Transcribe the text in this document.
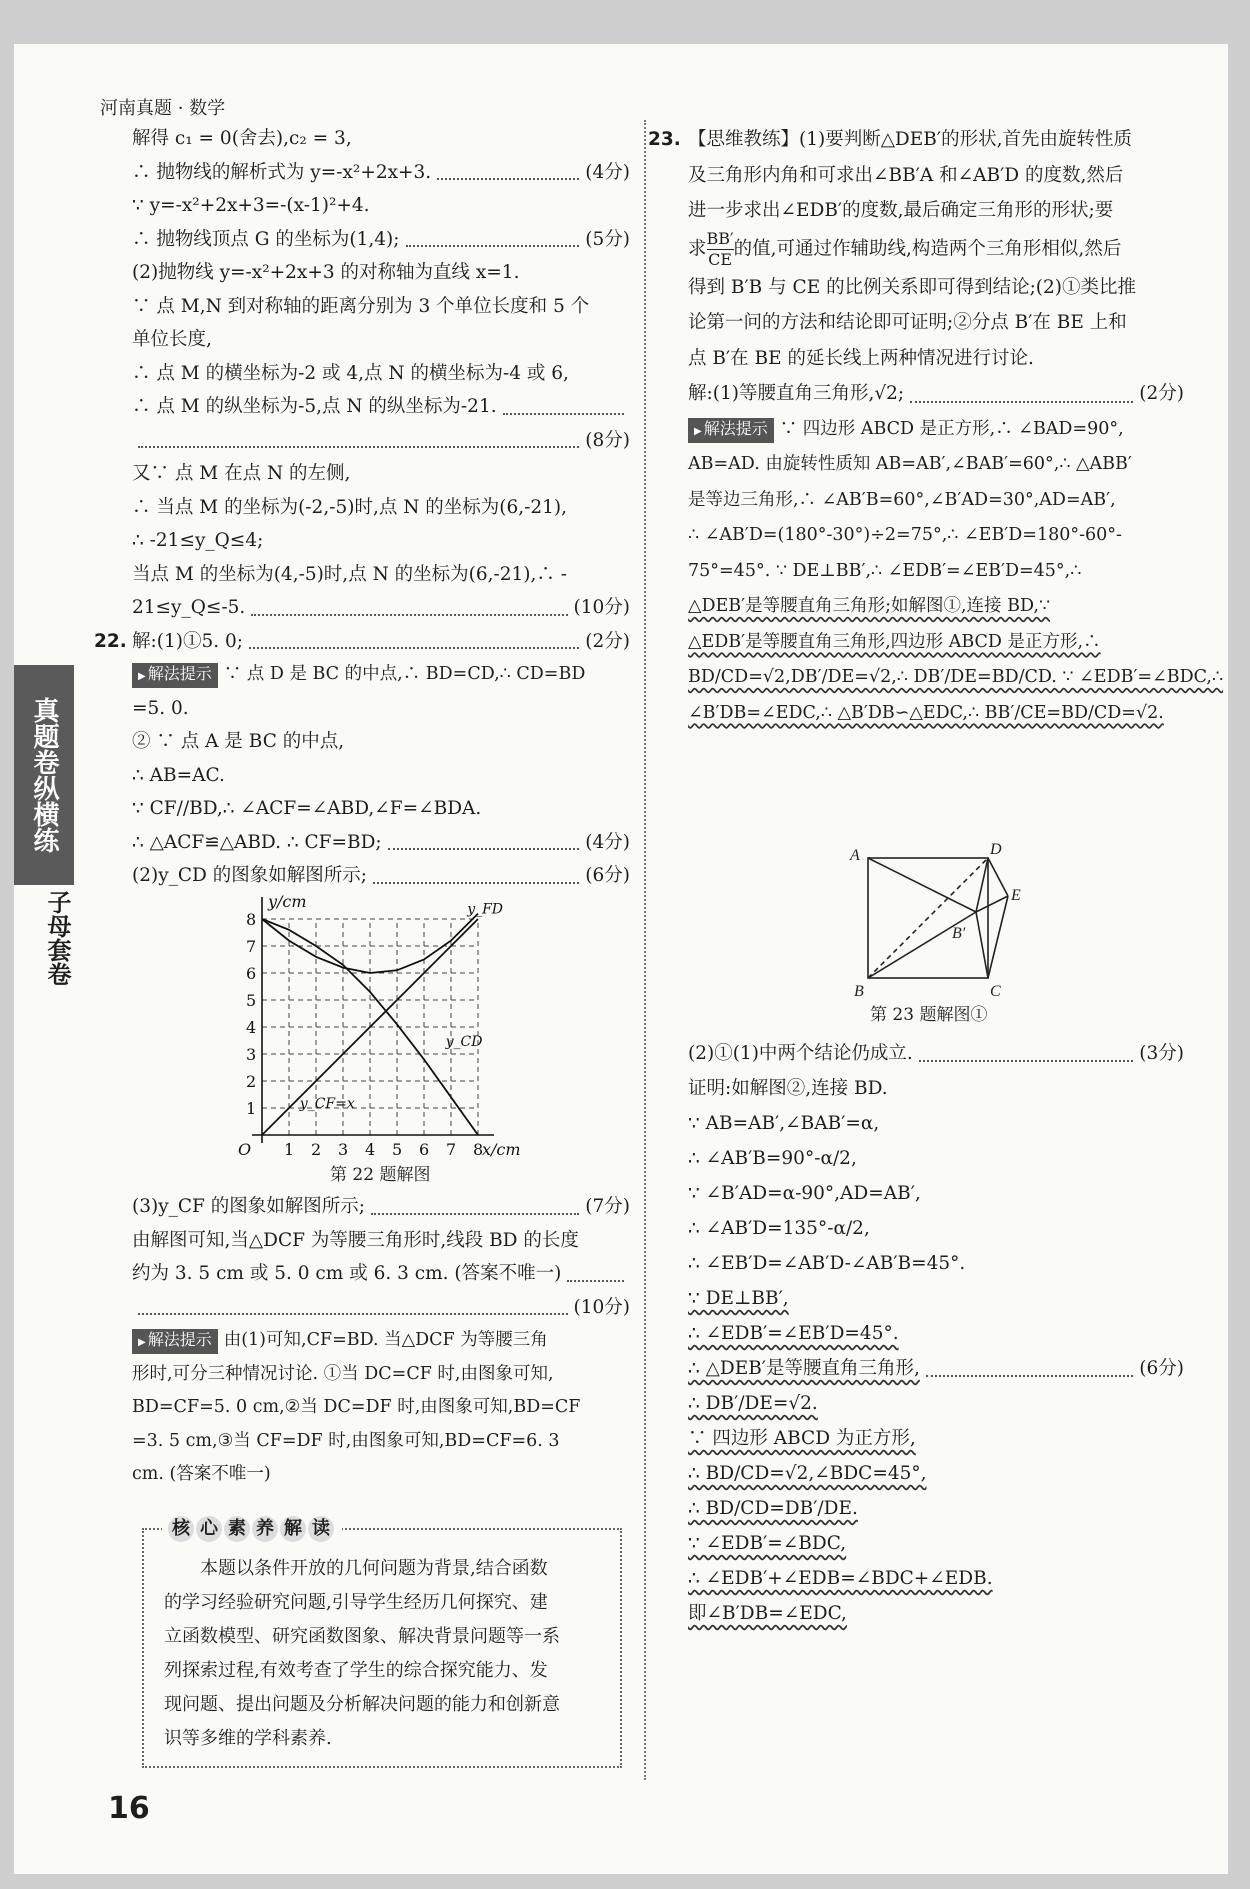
河南真题 · 数学
真题卷纵横练
子母套卷
解得 c₁ = 0(舍去),c₂ = 3,
∴ 抛物线的解析式为 y=-x²+2x+3.	(4分)
∵ y=-x²+2x+3=-(x-1)²+4.
∴ 抛物线顶点 G 的坐标为(1,4);	(5分)
(2)抛物线 y=-x²+2x+3 的对称轴为直线 x=1.
∵ 点 M,N 到对称轴的距离分别为 3 个单位长度和 5 个
单位长度,
∴ 点 M 的横坐标为-2 或 4,点 N 的横坐标为-4 或 6,
∴ 点 M 的纵坐标为-5,点 N 的纵坐标为-21.
(8分)
又∵ 点 M 在点 N 的左侧,
∴ 当点 M 的坐标为(-2,-5)时,点 N 的坐标为(6,-21),
∴ -21≤y_Q≤4;
当点 M 的坐标为(4,-5)时,点 N 的坐标为(6,-21),∴ -
21≤y_Q≤-5.	(10分)
22. 解:(1)①5. 0;	(2分)
▶ 解法提示 ∵ 点 D 是 BC 的中点,∴ BD=CD,∴ CD=BD
=5. 0.
② ∵ 点 A 是 BC 的中点,
∴ AB=AC.
∵ CF//BD,∴ ∠ACF=∠ABD,∠F=∠BDA.
∴ △ACF≌△ABD. ∴ CF=BD;	(4分)
(2)y_CD 的图象如解图所示;	(6分)
1 2 3 4 5 6 7 8
1
2
3
4
5
6
7
8
O	x/cm
y/cm	y_FD
y_CD
y_CF=x
第 22 题解图
(3)y_CF 的图象如解图所示;	(7分)
由解图可知,当△DCF 为等腰三角形时,线段 BD 的长度
约为 3. 5 cm 或 5. 0 cm 或 6. 3 cm. (答案不唯一)
(10分)
▶ 解法提示 由(1)可知,CF=BD. 当△DCF 为等腰三角
形时,可分三种情况讨论. ①当 DC=CF 时,由图象可知,
BD=CF=5. 0 cm,②当 DC=DF 时,由图象可知,BD=CF
=3. 5 cm,③当 CF=DF 时,由图象可知,BD=CF=6. 3
cm. (答案不唯一)
核 心 素 养 解 读
本题以条件开放的几何问题为背景,结合函数
的学习经验研究问题,引导学生经历几何探究、建
立函数模型、研究函数图象、解决背景问题等一系
列探索过程,有效考查了学生的综合探究能力、发
现问题、提出问题及分析解决问题的能力和创新意
识等多维的学科素养.
23. 【思维教练】(1)要判断△DEB′的形状,首先由旋转性质
及三角形内角和可求出∠BB′A 和∠AB′D 的度数,然后
进一步求出∠EDB′的度数,最后确定三角形的形状;要
求 $\frac{BB'}{CE}$ 的值,可通过作辅助线,构造两个三角形相似,然后
得到 B′B 与 CE 的比例关系即可得到结论;(2)①类比推
论第一问的方法和结论即可证明;②分点 B′在 BE 上和
点 B′在 BE 的延长线上两种情况进行讨论.
解:(1)等腰直角三角形,√2;	(2分)
▶ 解法提示 ∵ 四边形 ABCD 是正方形,∴ ∠BAD=90°,
AB=AD. 由旋转性质知 AB=AB′,∠BAB′=60°,∴ △ABB′
是等边三角形,∴ ∠AB′B=60°,∠B′AD=30°,AD=AB′,
∴ ∠AB′D=(180°-30°)÷2=75°,∴ ∠EB′D=180°-60°-
75°=45°. ∵ DE⊥BB′,∴ ∠EDB′=∠EB′D=45°,∴
△DEB′是等腰直角三角形;如解图①,连接 BD,∵
△EDB′是等腰直角三角形,四边形 ABCD 是正方形,∴
BD/CD=√2,DB′/DE=√2,∴ DB′/DE=BD/CD. ∵ ∠EDB′=∠BDC,∴
∠B′DB=∠EDC,∴ △B′DB∽△EDC,∴ BB′/CE=BD/CD=√2.
A
B	C
D
E
B′
第 23 题解图①
(2)①(1)中两个结论仍成立.	(3分)
证明:如解图②,连接 BD.
∵ AB=AB′,∠BAB′=α,
∴ ∠AB′B=90°-α/2,
∵ ∠B′AD=α-90°,AD=AB′,
∴ ∠AB′D=135°-α/2,
∴ ∠EB′D=∠AB′D-∠AB′B=45°.
∵ DE⊥BB′,
∴ ∠EDB′=∠EB′D=45°.
∴ △DEB′是等腰直角三角形,	(6分)
∴ DB′/DE=√2.
∵ 四边形 ABCD 为正方形,
∴ BD/CD=√2,∠BDC=45°,
∴ BD/CD=DB′/DE.
∵ ∠EDB′=∠BDC,
∴ ∠EDB′+∠EDB=∠BDC+∠EDB.
即∠B′DB=∠EDC,
16
